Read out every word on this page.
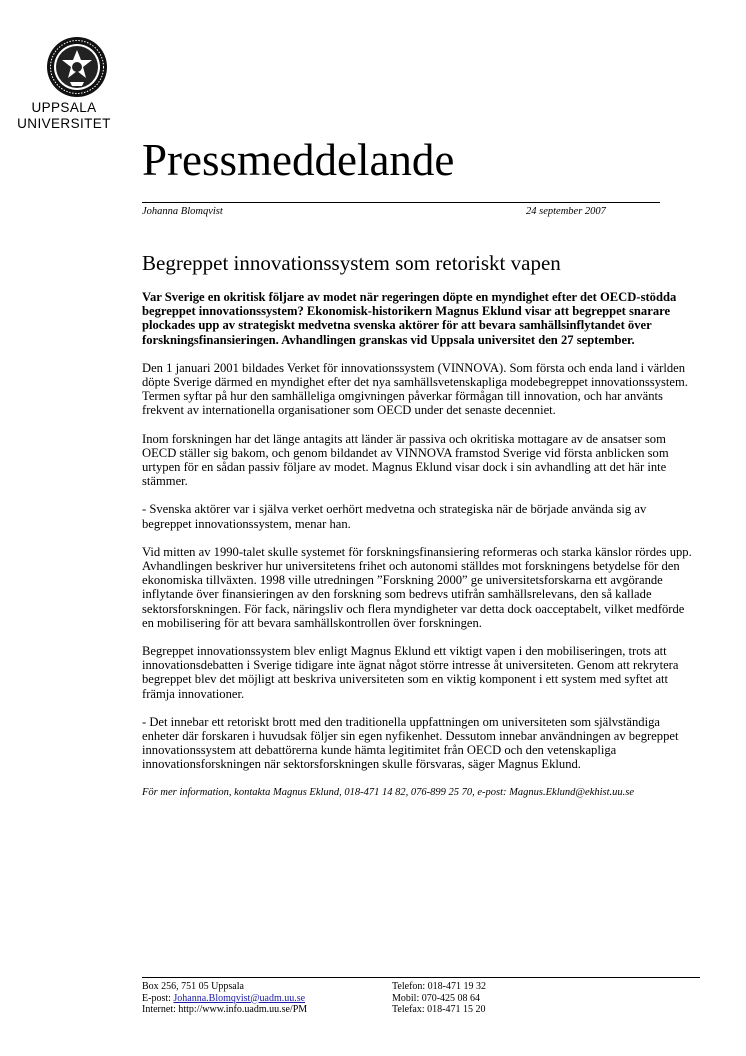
UPPSALA
UNIVERSITET
Pressmeddelande
Johanna Blomqvist	24 september 2007
Begreppet innovationssystem som retoriskt vapen

Var Sverige en okritisk följare av modet när regeringen döpte en myndighet efter det OECD-stödda begreppet innovationssystem? Ekonomisk-historikern Magnus Eklund visar att begreppet snarare plockades upp av strategiskt medvetna svenska aktörer för att bevara samhällsinflytandet över forskningsfinansieringen. Avhandlingen granskas vid Uppsala universitet den 27 september.

Den 1 januari 2001 bildades Verket för innovationssystem (VINNOVA). Som första och enda land i världen döpte Sverige därmed en myndighet efter det nya samhällsvetenskapliga modebegreppet innovationssystem. Termen syftar på hur den samhälleliga omgivningen påverkar förmågan till innovation, och har använts frekvent av internationella organisationer som OECD under det senaste decenniet.

Inom forskningen har det länge antagits att länder är passiva och okritiska mottagare av de ansatser som OECD ställer sig bakom, och genom bildandet av VINNOVA framstod Sverige vid första anblicken som urtypen för en sådan passiv följare av modet. Magnus Eklund visar dock i sin avhandling att det här inte stämmer.

- Svenska aktörer var i själva verket oerhört medvetna och strategiska när de började använda sig av begreppet innovationssystem, menar han.

Vid mitten av 1990-talet skulle systemet för forskningsfinansiering reformeras och starka känslor rördes upp. Avhandlingen beskriver hur universitetens frihet och autonomi ställdes mot forskningens betydelse för den ekonomiska tillväxten. 1998 ville utredningen ”Forskning 2000” ge universitetsforskarna ett avgörande inflytande över finansieringen av den forskning som bedrevs utifrån samhällsrelevans, den så kallade sektorsforskningen. För fack, näringsliv och flera myndigheter var detta dock oacceptabelt, vilket medförde en mobilisering för att bevara samhällskontrollen över forskningen.

Begreppet innovationssystem blev enligt Magnus Eklund ett viktigt vapen i den mobiliseringen, trots att innovationsdebatten i Sverige tidigare inte ägnat något större intresse åt universiteten. Genom att rekrytera begreppet blev det möjligt att beskriva universiteten som en viktig komponent i ett system med syftet att främja innovationer.

- Det innebar ett retoriskt brott med den traditionella uppfattningen om universiteten som självständiga enheter där forskaren i huvudsak följer sin egen nyfikenhet. Dessutom innebar användningen av begreppet innovationssystem att debattörerna kunde hämta legitimitet från OECD och den vetenskapliga innovationsforskningen när sektorsforskningen skulle försvaras, säger Magnus Eklund.

För mer information, kontakta Magnus Eklund, 018-471 14 82, 076-899 25 70, e-post: Magnus.Eklund@ekhist.uu.se

Box 256, 751 05 Uppsala
E-post: Johanna.Blomqvist@uadm.uu.se
Internet: http://www.info.uadm.uu.se/PM
Telefon: 018-471 19 32
Mobil: 070-425 08 64
Telefax: 018-471 15 20
